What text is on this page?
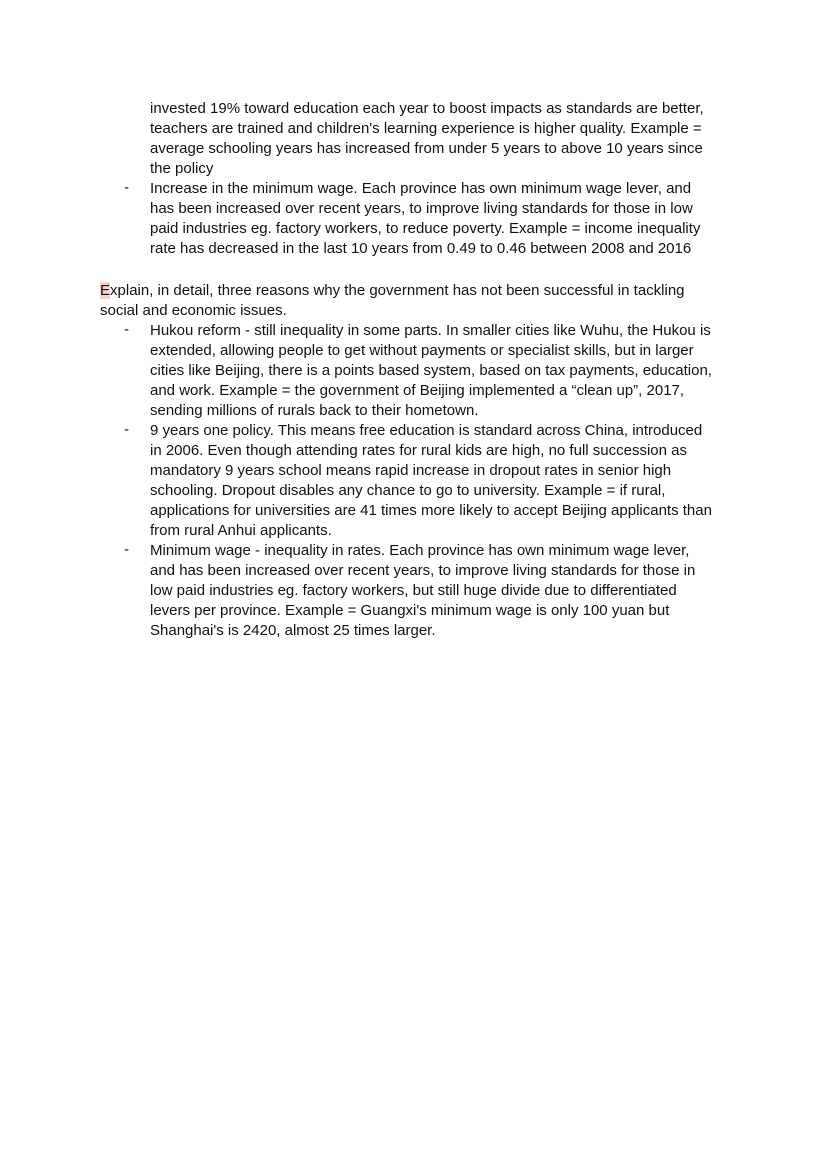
invested 19% toward education each year to boost impacts as standards are better,
teachers are trained and children's learning experience is higher quality. Example =
average schooling years has increased from under 5 years to above 10 years since
the policy
-	Increase in the minimum wage. Each province has own minimum wage lever, and
has been increased over recent years, to improve living standards for those in low
paid industries eg. factory workers, to reduce poverty. Example = income inequality
rate has decreased in the last 10 years from 0.49 to 0.46 between 2008 and 2016
Explain, in detail, three reasons why the government has not been successful in tackling
social and economic issues.
-	Hukou reform - still inequality in some parts. In smaller cities like Wuhu, the Hukou is
extended, allowing people to get without payments or specialist skills, but in larger
cities like Beijing, there is a points based system, based on tax payments, education,
and work. Example = the government of Beijing implemented a “clean up”, 2017,
sending millions of rurals back to their hometown.
-	9 years one policy. This means free education is standard across China, introduced
in 2006. Even though attending rates for rural kids are high, no full succession as
mandatory 9 years school means rapid increase in dropout rates in senior high
schooling. Dropout disables any chance to go to university. Example = if rural,
applications for universities are 41 times more likely to accept Beijing applicants than
from rural Anhui applicants.
-	Minimum wage - inequality in rates. Each province has own minimum wage lever,
and has been increased over recent years, to improve living standards for those in
low paid industries eg. factory workers, but still huge divide due to differentiated
levers per province. Example = Guangxi's minimum wage is only 100 yuan but
Shanghai's is 2420, almost 25 times larger.
